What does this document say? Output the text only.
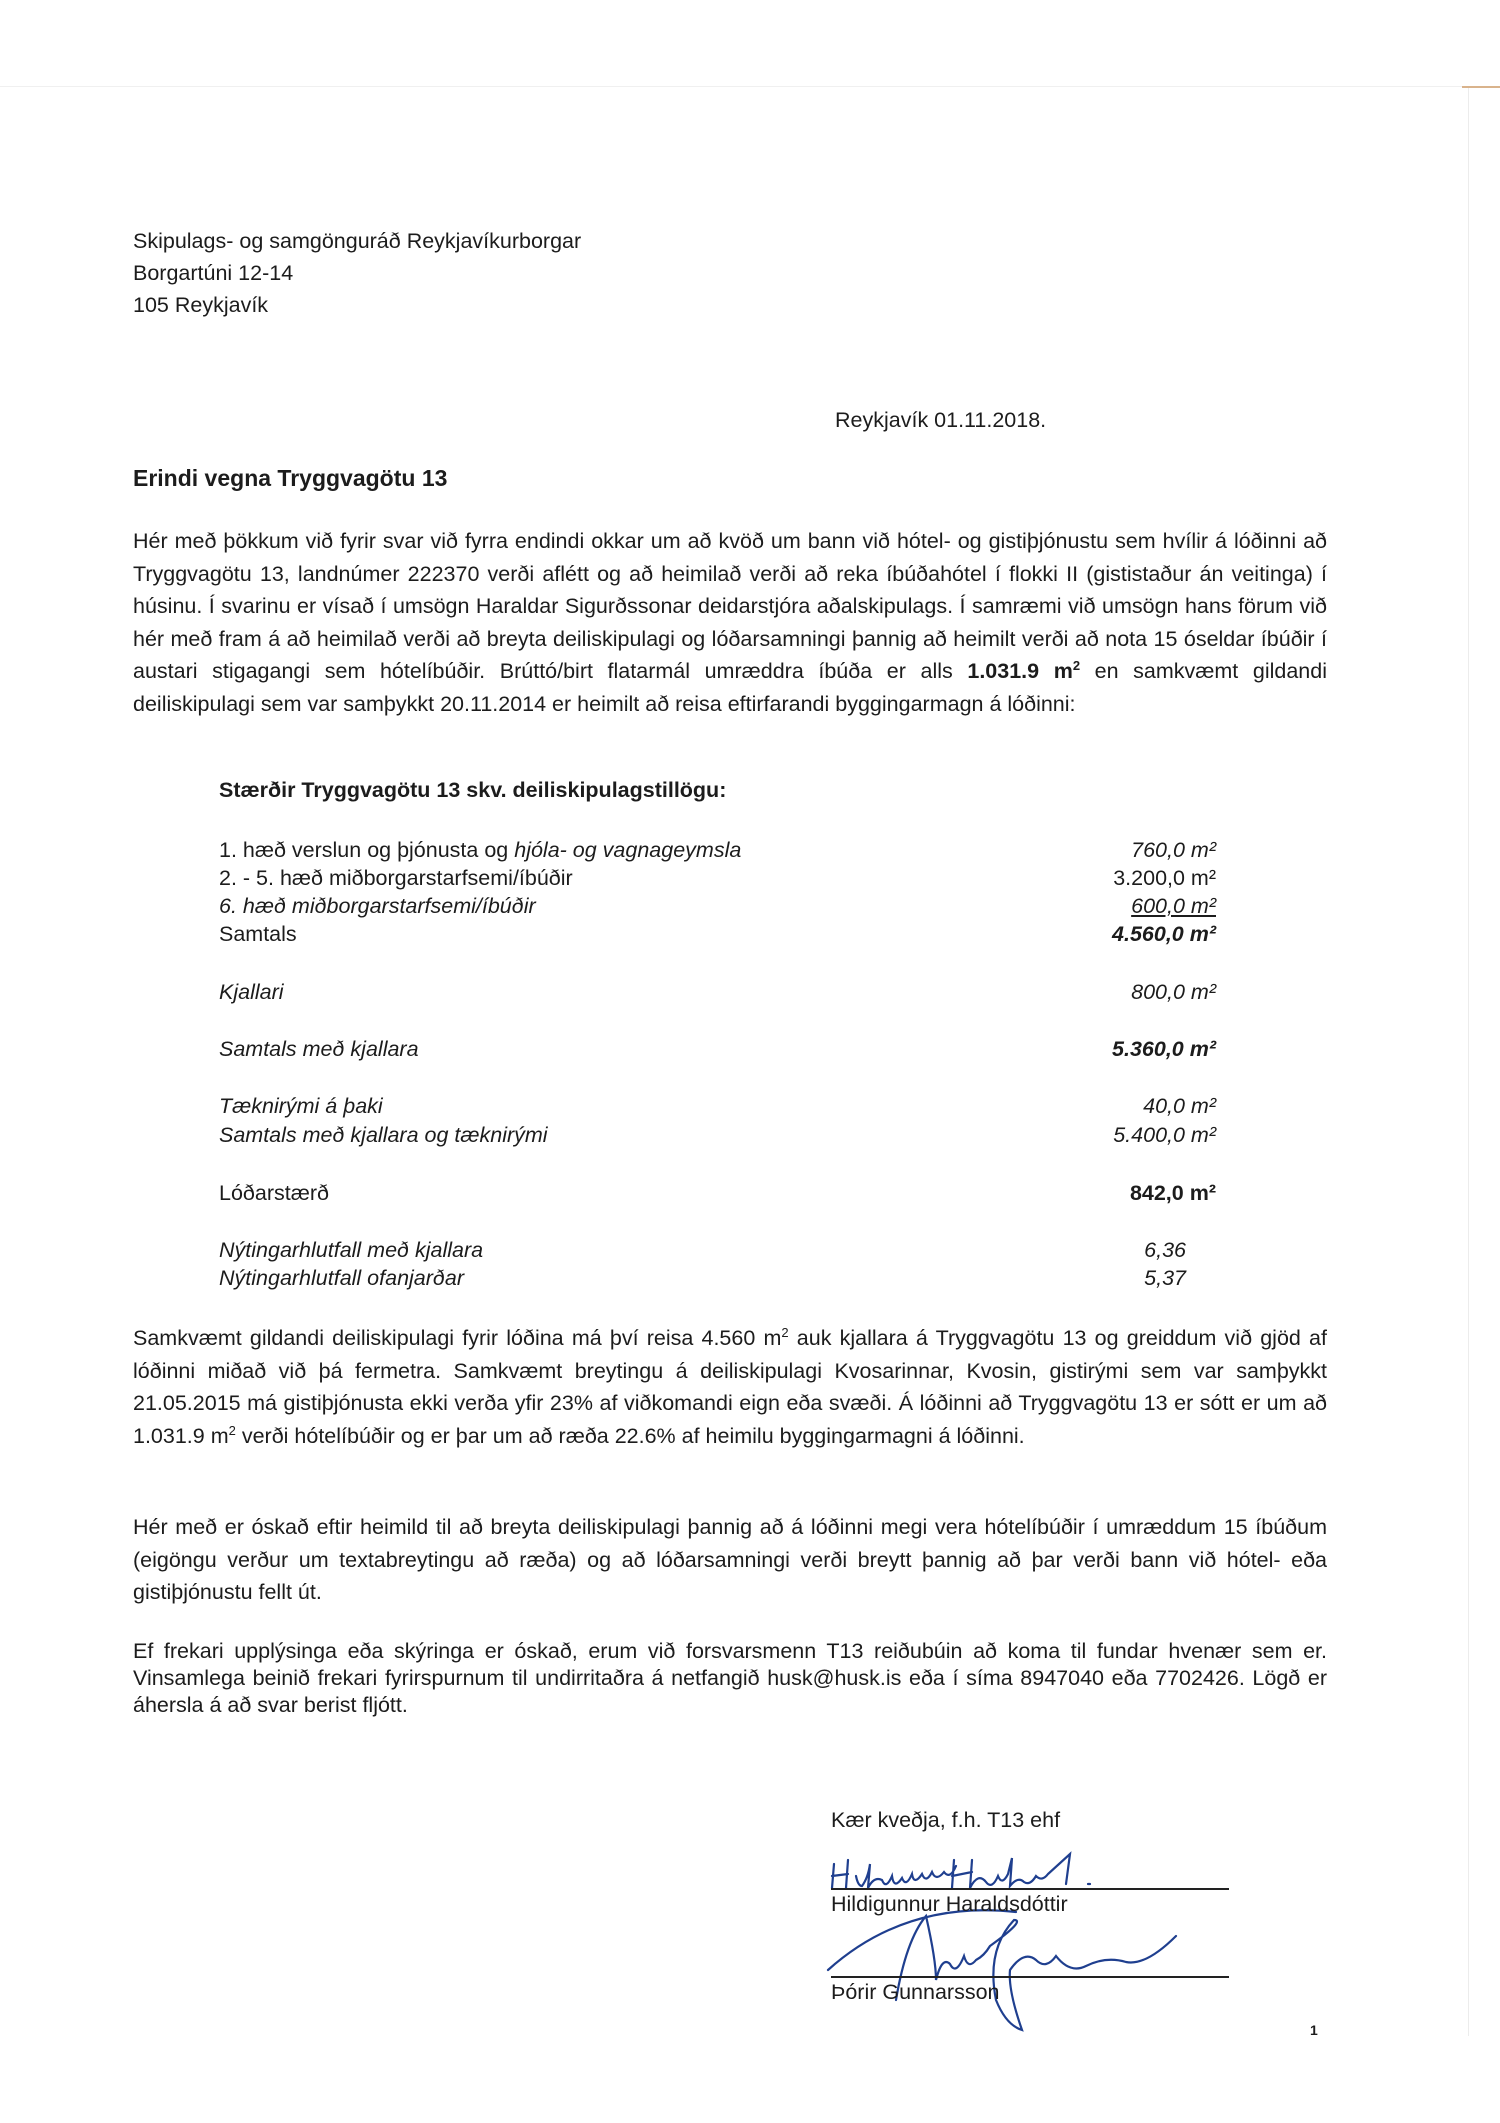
Skipulags- og samgönguráð Reykjavíkurborgar
Borgartúni 12-14
105 Reykjavík
Reykjavík 01.11.2018.
Erindi vegna Tryggvagötu 13

Hér með þökkum við fyrir svar við fyrra endindi okkar um að kvöð um bann við hótel- og gistiþjónustu sem hvílir á lóðinni að Tryggvagötu 13, landnúmer 222370 verði aflétt og að heimilað verði að reka íbúðahótel í flokki II (gististaður án veitinga) í húsinu. Í svarinu er vísað í umsögn Haraldar Sigurðssonar deidarstjóra aðalskipulags. Í samræmi við umsögn hans förum við hér með fram á að heimilað verði að breyta deiliskipulagi og lóðarsamningi þannig að heimilt verði að nota 15 óseldar íbúðir í austari stigagangi sem hótelíbúðir. Brúttó/birt flatarmál umræddra íbúða er alls 1.031.9 $m^2$ en samkvæmt gildandi deiliskipulagi sem var samþykkt 20.11.2014 er heimilt að reisa eftirfarandi byggingarmagn á lóðinni:

Stærðir Tryggvagötu 13 skv. deiliskipulagstillögu:
1. hæð verslun og þjónusta og hjóla- og vagnageymsla	760,0 m²
2. - 5. hæð miðborgarstarfsemi/íbúðir	3.200,0 m²
6. hæð miðborgarstarfsemi/íbúðir	600,0 m²
Samtals	4.560,0 m²
Kjallari	800,0 m²
Samtals með kjallara	5.360,0 m²
Tæknirými á þaki	40,0 m²
Samtals með kjallara og tæknirými	5.400,0 m²
Lóðarstærð	842,0 m²
Nýtingarhlutfall með kjallara	6,36
Nýtingarhlutfall ofanjarðar	5,37

Samkvæmt gildandi deiliskipulagi fyrir lóðina má því reisa 4.560 $m^2$ auk kjallara á Tryggvagötu 13 og greiddum við gjöd af lóðinni miðað við þá fermetra. Samkvæmt breytingu á deiliskipulagi Kvosarinnar, Kvosin, gistirými sem var samþykkt 21.05.2015 má gistiþjónusta ekki verða yfir 23% af viðkomandi eign eða svæði. Á lóðinni að Tryggvagötu 13 er sótt er um að 1.031.9 $m^2$ verði hótelíbúðir og er þar um að ræða 22.6% af heimilu byggingarmagni á lóðinni.

Hér með er óskað eftir heimild til að breyta deiliskipulagi þannig að á lóðinni megi vera hótelíbúðir í umræddum 15 íbúðum (eigöngu verður um textabreytingu að ræða) og að lóðarsamningi verði breytt þannig að þar verði bann við hótel- eða gistiþjónustu fellt út.
Ef frekari upplýsinga eða skýringa er óskað, erum við forsvarsmenn T13 reiðubúin að koma til fundar hvenær sem er. Vinsamlega beinið frekari fyrirspurnum til undirritaðra á netfangið husk@husk.is eða í síma 8947040 eða 7702426. Lögð er áhersla á að svar berist fljótt.
Kær kveðja, f.h. T13 ehf
Hildigunnur Haraldsdóttir
Þórir Gunnarsson
1
